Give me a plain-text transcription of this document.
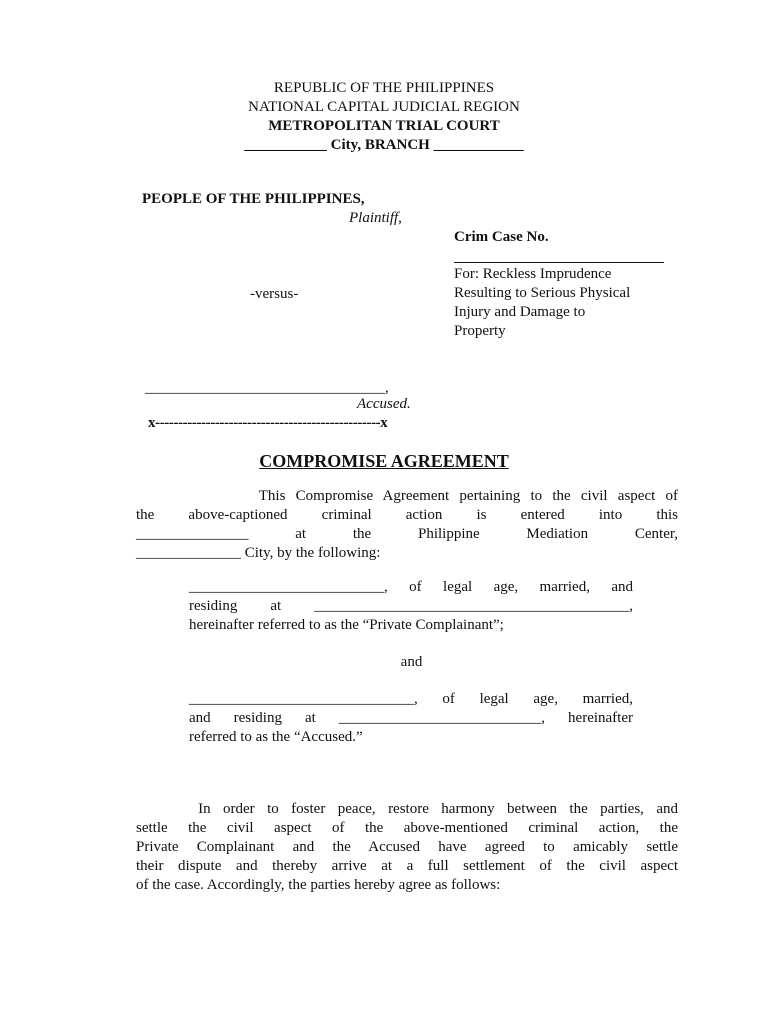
REPUBLIC OF THE PHILIPPINES
NATIONAL CAPITAL JUDICIAL REGION
METROPOLITAN TRIAL COURT
___________ City, BRANCH ____________
PEOPLE OF THE PHILIPPINES,
Plaintiff,
Crim Case No.
-versus-
For: Reckless Imprudence
Resulting to Serious Physical
Injury and Damage to
Property
________________________________,
Accused.
x-------------------------------------------------x
COMPROMISE AGREEMENT
This Compromise Agreement pertaining to the civil aspect of
the above-captioned criminal action is entered into this
_______________ at the Philippine Mediation Center,
______________ City, by the following:
__________________________, of legal age, married, and
residing at __________________________________________,
hereinafter referred to as the “Private Complainant”;
and
______________________________, of legal age, married,
and residing at ___________________________, hereinafter
referred to as the “Accused.”
In order to foster peace, restore harmony between the parties, and
settle the civil aspect of the above-mentioned criminal action, the
Private Complainant and the Accused have agreed to amicably settle
their dispute and thereby arrive at a full settlement of the civil aspect
of the case. Accordingly, the parties hereby agree as follows:
